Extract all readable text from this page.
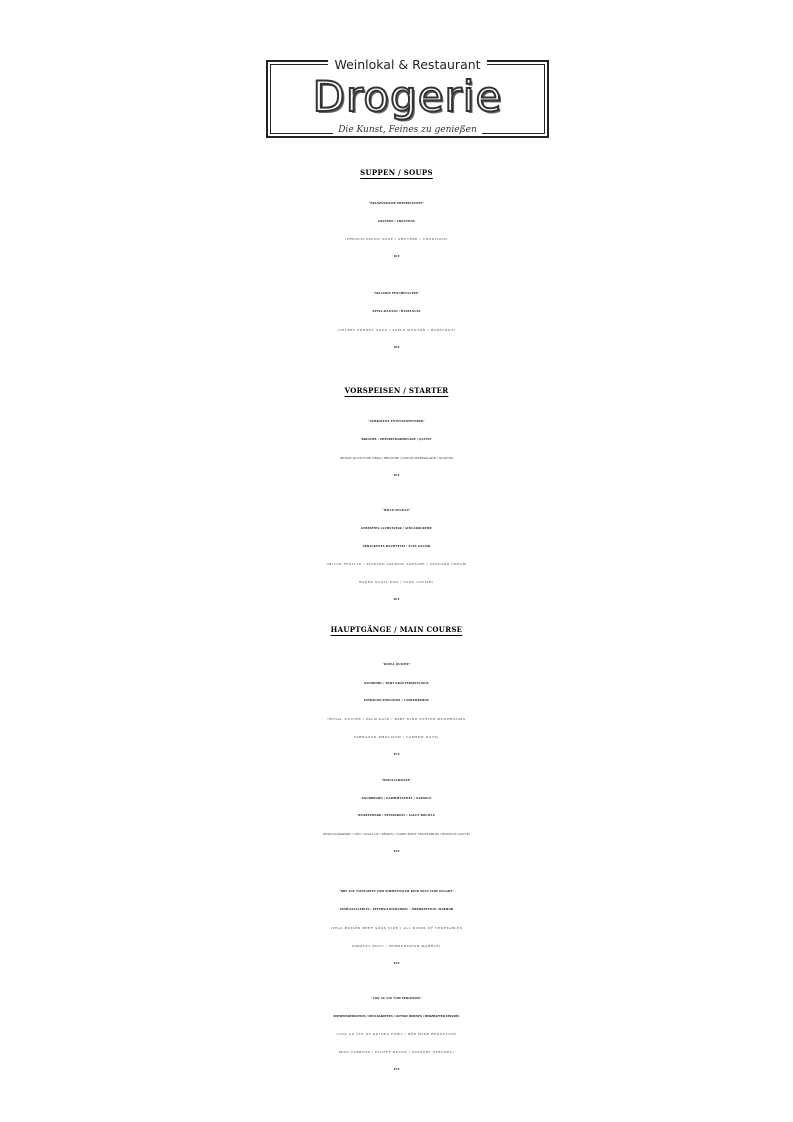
Weinlokal & Restaurant
Drogerie
Die Kunst, Feines zu genießen
SUPPEN / SOUPS
“FRANZÖSISCHE ZWIEBELSUPPE“
GRUYÈRE / CROUTONS
(FRENCH ONION SOUP / GRUYÈRE / CROUTONS)
10 €
”SELLERIE FENCHELSUPPE”
APFEL-WANTAN / HASELNUSS
(CELERY FENNEL SOUP / APPLE WONTON / HAZELNUT)
10 €
VORSPEISEN / STARTER
“GEBRATENE ENTENSTOPFLEBER“
BRIOCHE / ZWIEBELMARMELADE / QUITTE
(ROAST DUCK FOIE GRAS / BRIOCHE / ONION MARMALADE / QUINCE)
20 €
“MILLE-FEUILLE“
GEBEIZTES LACHSTATAR / AVOCADOCREME
GEBACKENES WACHTELEI / YUZU KAVIAR
(MILLE-FEUILLE / PICKLED SALMON TARTARE / AVOCADO CREAM
BAKED QUAIL EGG / YUZU CAVIAR)
20 €
HAUPTGÄNGE / MAIN COURSE
“ROYAL QUICHE”
PALMKOHL / BABY KRÄUTERSEITLINGE
ESTRAGON-EMULSION / CASHEWKERNE
(ROYAL QUICHE / PALM KALE / BABY KING OYSTER MUSHROOMS
TARRAGON EMULSION / CASHEW NUTS)
35 €
“BOUILLABAISSE“
KNURRHAHN / KAMMMUSCHEL / GARNELE
WURZELWERK / SEESPARGEL / SAUCE ROUILLE
(BOUILLABAISSE / COD / SCALLOP / PRAWN / LIGHT ROOT VEGETABLES / ROUILLE SAUCE)
35 €
“DRY AGE TAFELSPITZ VOM SIMMENTALER RIND SOUS VIDE GEGART“
GEMÜSEALLERLEI / PETERSILIENWURZEL – MEERRETTICH- MARMOR
(VEAL BOILED BEEF SOUS VIDE / ALL KINDS OF VEGETABLES
PARSLEY ROOT – HORSERADISH MARBLE)
35 €
“COQ AU VIN VOM PERLHUHN“
ROTWEINREDUKTION / MINI KAROTTEN / LUFTIGE BOHNEN / HERZHAFTER STRUDEL
(COQ AU VIN OF GUINEA FOWL / RED WINE REDUCTION
MINI CARROTS / FLUFFY BEANS / SAVOURY STRUDEL)
35 €
